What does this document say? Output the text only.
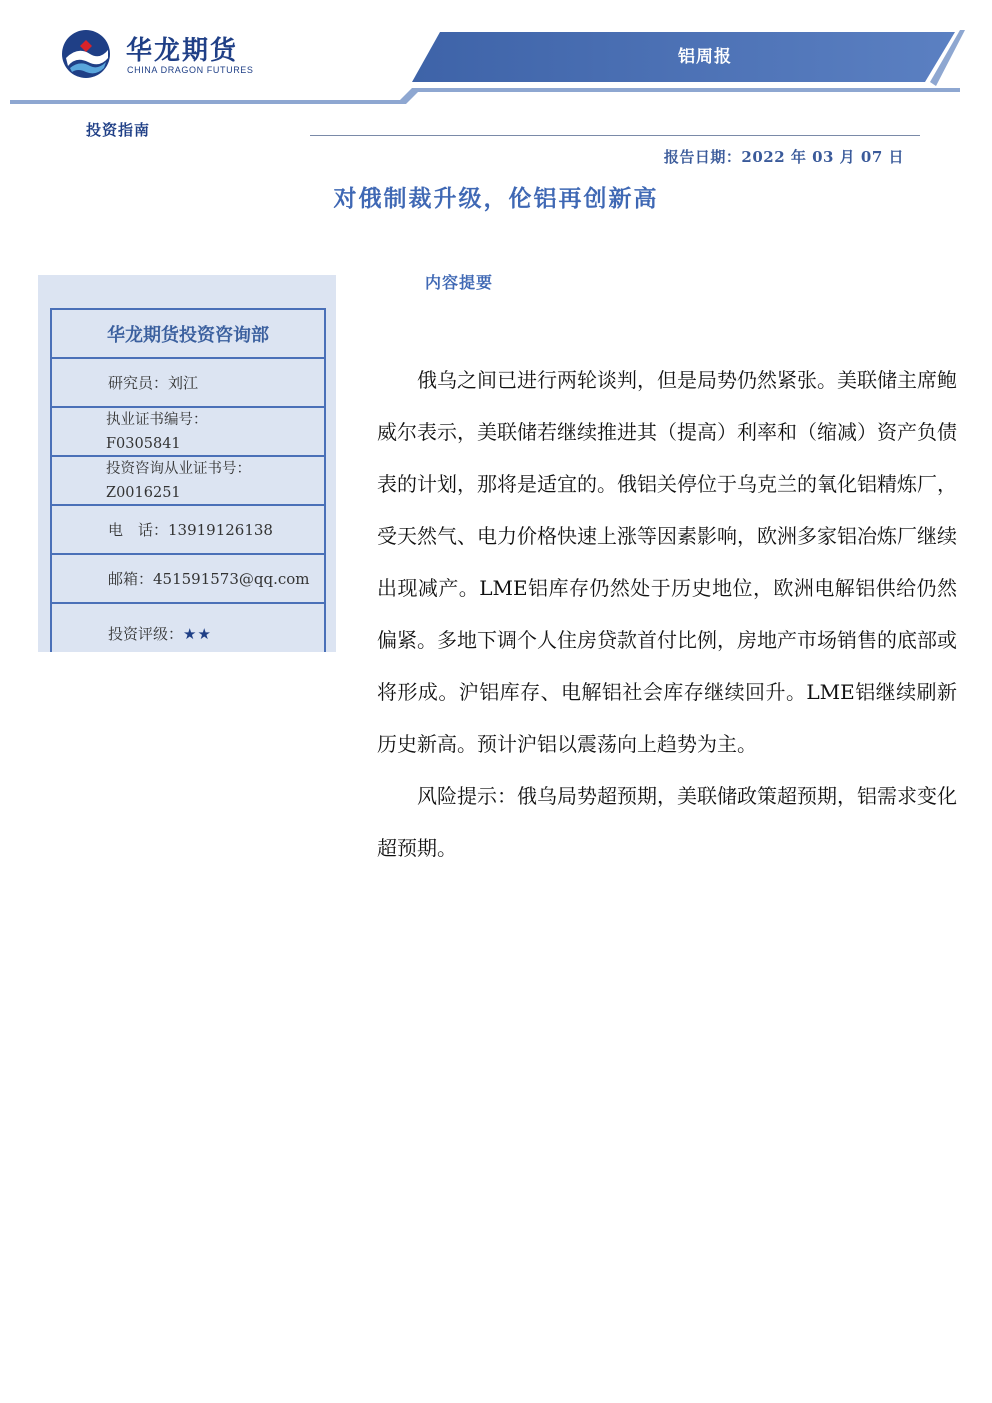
华龙期货
CHINA DRAGON FUTURES
铝周报
投资指南
报告日期：2022 年 03 月 07 日
对俄制裁升级，伦铝再创新高
华龙期货投资咨询部
研究员：刘江
执业证书编号：
F0305841
投资咨询从业证书号：
Z0016251
电　话：13919126138
邮箱：451591573@qq.com
投资评级：★★
内容提要

俄乌之间已进行两轮谈判，但是局势仍然紧张。美联储主席鲍威尔表示，美联储若继续推进其（提高）利率和（缩减）资产负债表的计划，那将是适宜的。俄铝关停位于乌克兰的氧化铝精炼厂，受天然气、电力价格快速上涨等因素影响，欧洲多家铝冶炼厂继续出现减产。LME铝库存仍然处于历史地位，欧洲电解铝供给仍然偏紧。多地下调个人住房贷款首付比例，房地产市场销售的底部或将形成。沪铝库存、电解铝社会库存继续回升。LME铝继续刷新历史新高。预计沪铝以震荡向上趋势为主。

风险提示：俄乌局势超预期，美联储政策超预期，铝需求变化超预期。
